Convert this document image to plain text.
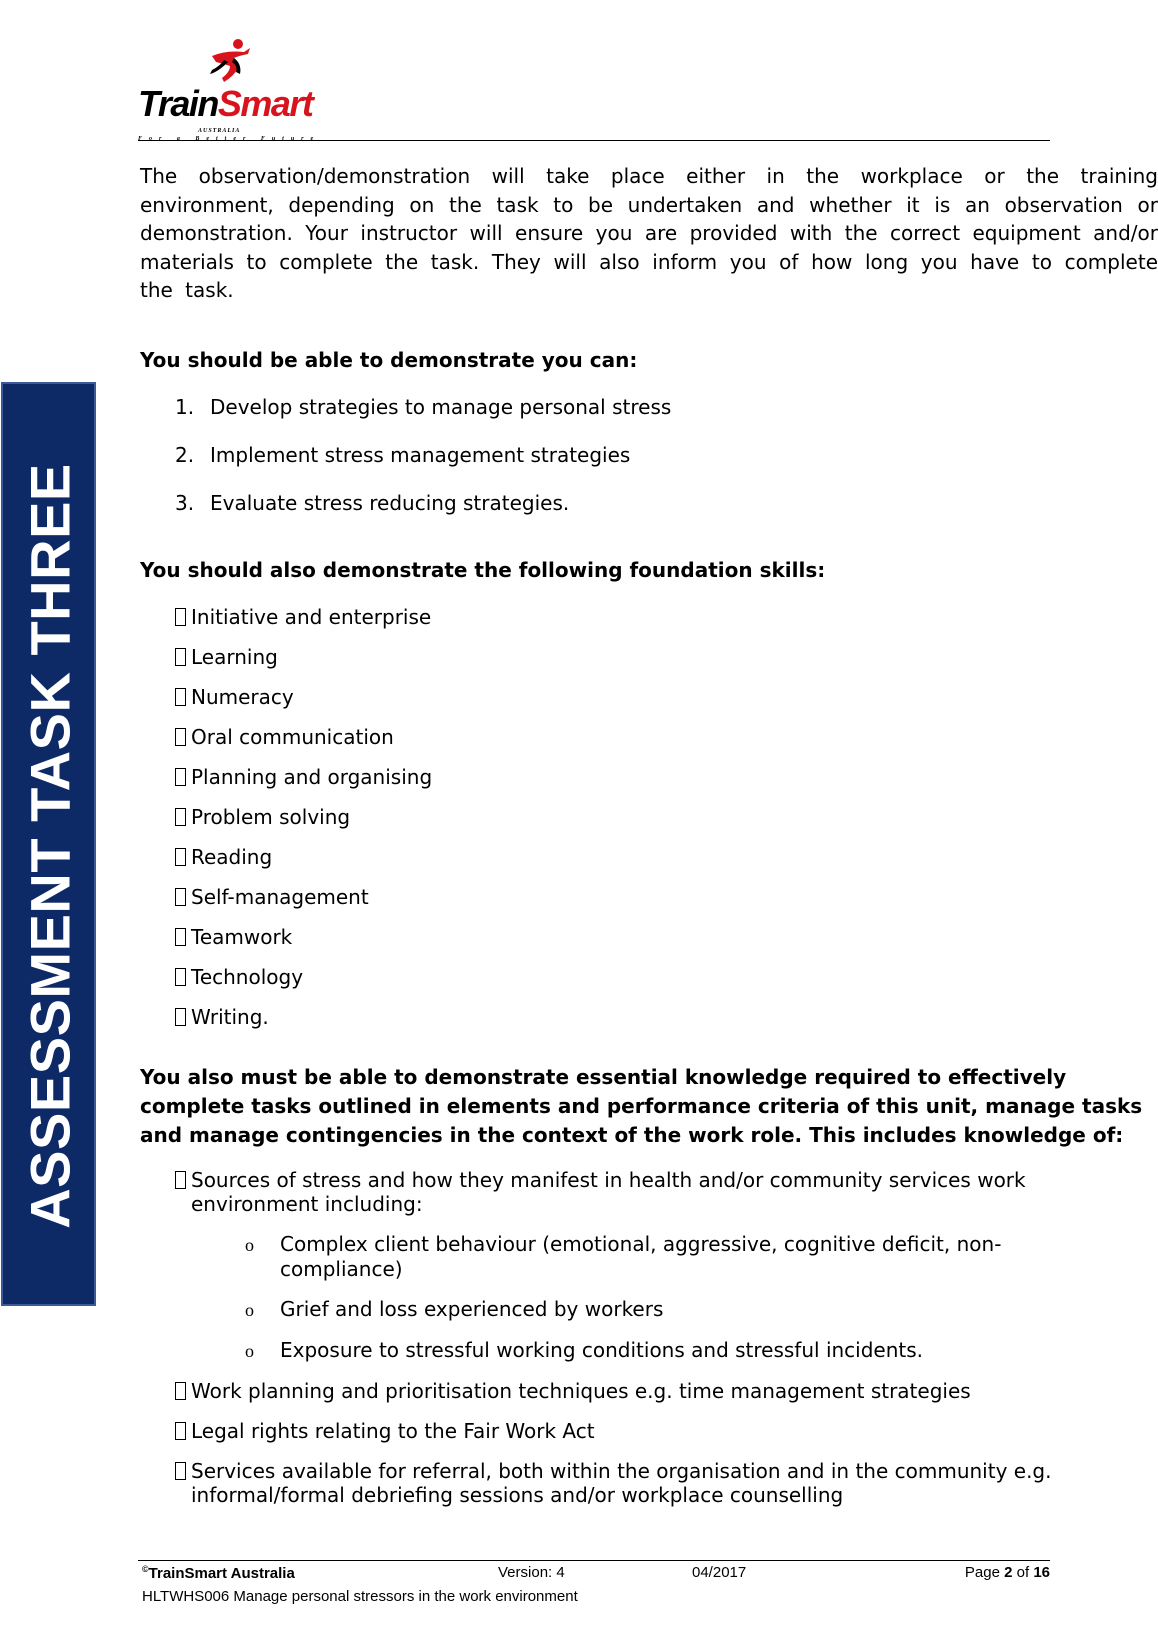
TrainSmart
AUSTRALIA
For a Better Future
ASSESSMENT TASK THREE

The observation/demonstration will take place either in the workplace or the training environment, depending on the task to be undertaken and whether it is an observation or demonstration. Your instructor will ensure you are provided with the correct equipment and/or materials to complete the task. They will also inform you of how long you have to complete the task.

You should be able to demonstrate you can:

1. Develop strategies to manage personal stress
2. Implement stress management strategies
3. Evaluate stress reducing strategies.

You should also demonstrate the following foundation skills:

Initiative and enterprise
Learning
Numeracy
Oral communication
Planning and organising
Problem solving
Reading
Self-management
Teamwork
Technology
Writing.

You also must be able to demonstrate essential knowledge required to effectively

complete tasks outlined in elements and performance criteria of this unit, manage tasks

and manage contingencies in the context of the work role. This includes knowledge of:

Sources of stress and how they manifest in health and/or community services work
environment including:
o Complex client behaviour (emotional, aggressive, cognitive deficit, non-
compliance)
o Grief and loss experienced by workers
o Exposure to stressful working conditions and stressful incidents.
Work planning and prioritisation techniques e.g. time management strategies
Legal rights relating to the Fair Work Act
Services available for referral, both within the organisation and in the community e.g.
informal/formal debriefing sessions and/or workplace counselling
©TrainSmart Australia	Version: 4	04/2017	Page 2 of 16
HLTWHS006 Manage personal stressors in the work environment
